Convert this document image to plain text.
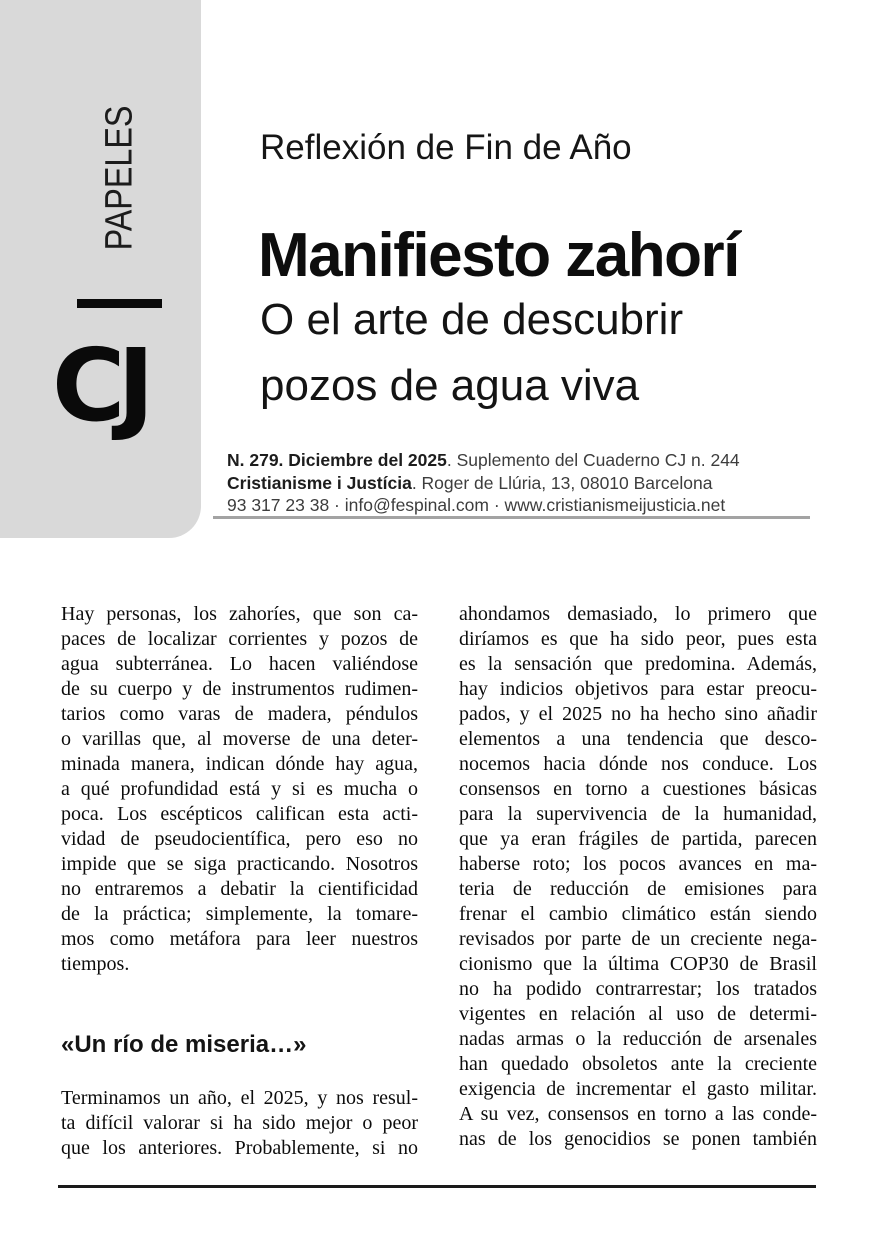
PAPELES
CJ
Reflexión de Fin de Año
Manifiesto zahorí
O el arte de descubrir
pozos de agua viva
N. 279. Diciembre del 2025. Suplemento del Cuaderno CJ n. 244
Cristianisme i Justícia. Roger de Llúria, 13, 08010 Barcelona
93 317 23 38 · info@fespinal.com · www.cristianismeijusticia.net
Hay personas, los zahoríes, que son ca-
paces de localizar corrientes y pozos de
agua subterránea. Lo hacen valiéndose
de su cuerpo y de instrumentos rudimen-
tarios como varas de madera, péndulos
o varillas que, al moverse de una deter-
minada manera, indican dónde hay agua,
a qué profundidad está y si es mucha o
poca. Los escépticos califican esta acti-
vidad de pseudocientífica, pero eso no
impide que se siga practicando. Nosotros
no entraremos a debatir la cientificidad
de la práctica; simplemente, la tomare-
mos como metáfora para leer nuestros
tiempos.
«Un río de miseria…»
Terminamos un año, el 2025, y nos resul-
ta difícil valorar si ha sido mejor o peor
que los anteriores. Probablemente, si no
ahondamos demasiado, lo primero que
diríamos es que ha sido peor, pues esta
es la sensación que predomina. Además,
hay indicios objetivos para estar preocu-
pados, y el 2025 no ha hecho sino añadir
elementos a una tendencia que desco-
nocemos hacia dónde nos conduce. Los
consensos en torno a cuestiones básicas
para la supervivencia de la humanidad,
que ya eran frágiles de partida, parecen
haberse roto; los pocos avances en ma-
teria de reducción de emisiones para
frenar el cambio climático están siendo
revisados por parte de un creciente nega-
cionismo que la última COP30 de Brasil
no ha podido contrarrestar; los tratados
vigentes en relación al uso de determi-
nadas armas o la reducción de arsenales
han quedado obsoletos ante la creciente
exigencia de incrementar el gasto militar.
A su vez, consensos en torno a las conde-
nas de los genocidios se ponen también
